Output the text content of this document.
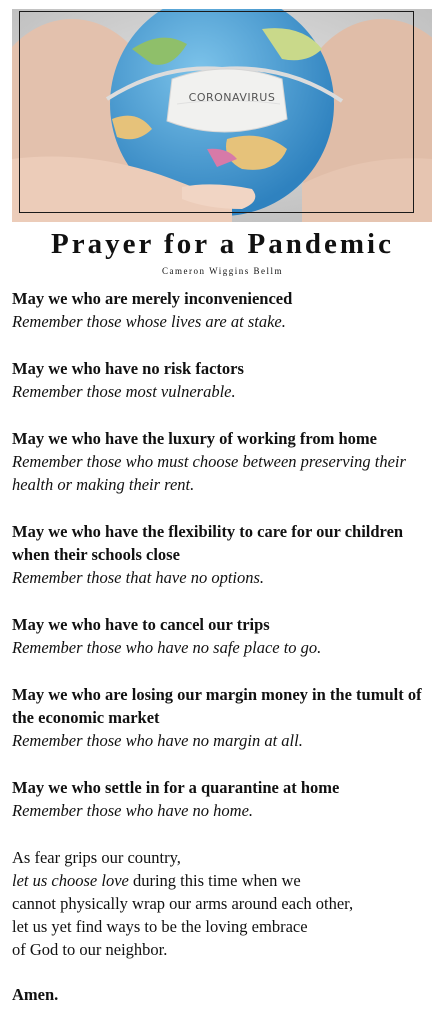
CORONAVIRUS
Prayer for a Pandemic
Cameron Wiggins Bellm
May we who are merely inconvenienced
Remember those whose lives are at stake.
May we who have no risk factors
Remember those most vulnerable.
May we who have the luxury of working from home
Remember those who must choose between preserving their health or making their rent.
May we who have the flexibility to care for our children when their schools close
Remember those that have no options.
May we who have to cancel our trips
Remember those who have no safe place to go.
May we who are losing our margin money in the tumult of the economic market
Remember those who have no margin at all.
May we who settle in for a quarantine at home
Remember those who have no home.
As fear grips our country,
let us choose love during this time when we
cannot physically wrap our arms around each other,
let us yet find ways to be the loving embrace
of God to our neighbor.
Amen.
